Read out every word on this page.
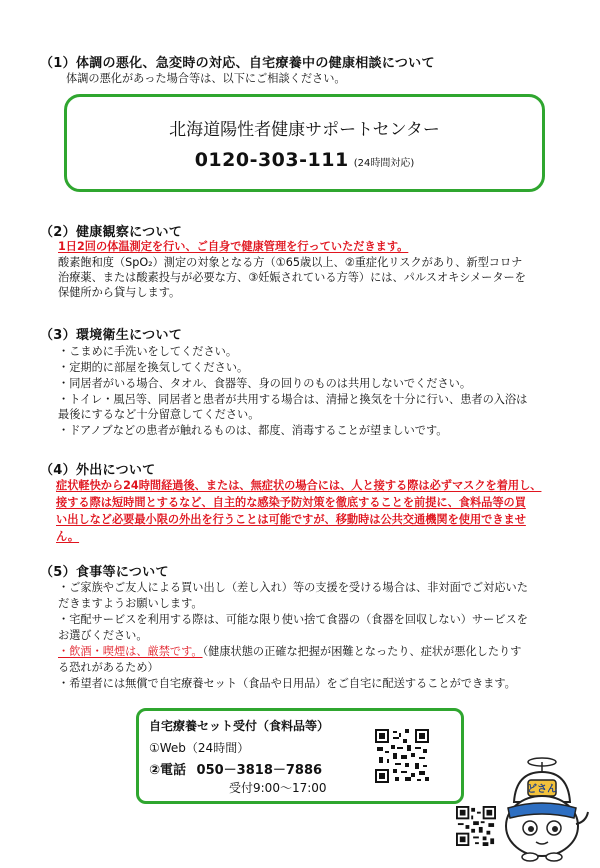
（1）体調の悪化、急変時の対応、自宅療養中の健康相談について
体調の悪化があった場合等は、以下にご相談ください。
北海道陽性者健康サポートセンター
0120-303-111 (24時間対応)
（2）健康観察について
1日2回の体温測定を行い、ご自身で健康管理を行っていただきます。
酸素飽和度（SpO₂）測定の対象となる方（①65歳以上、②重症化リスクがあり、新型コロナ
治療薬、または酸素投与が必要な方、③妊娠されている方等）には、パルスオキシメーターを
保健所から貸与します。
（3）環境衛生について
・こまめに手洗いをしてください。
・定期的に部屋を換気してください。
・同居者がいる場合、タオル、食器等、身の回りのものは共用しないでください。
・トイレ・風呂等、同居者と患者が共用する場合は、清掃と換気を十分に行い、患者の入浴は
最後にするなど十分留意してください。
・ドアノブなどの患者が触れるものは、都度、消毒することが望ましいです。
（4）外出について
症状軽快から24時間経過後、または、無症状の場合には、人と接する際は必ずマスクを着用し、
接する際は短時間とするなど、自主的な感染予防対策を徹底することを前提に、食料品等の買
い出しなど必要最小限の外出を行うことは可能ですが、移動時は公共交通機関を使用できませ
ん。
（5）食事等について
・ご家族やご友人による買い出し（差し入れ）等の支援を受ける場合は、非対面でご対応いた
だきますようお願いします。
・宅配サービスを利用する際は、可能な限り使い捨て食器の（食器を回収しない）サービスを
お選びください。
・飲酒・喫煙は、厳禁です。（健康状態の正確な把握が困難となったり、症状が悪化したりす
る恐れがあるため）
・希望者には無償で自宅療養セット（食品や日用品）をご自宅に配送することができます。
自宅療養セット受付（食料品等）
①Web（24時間）
②電話 050－3818－7886
受付9:00～17:00	どさん
